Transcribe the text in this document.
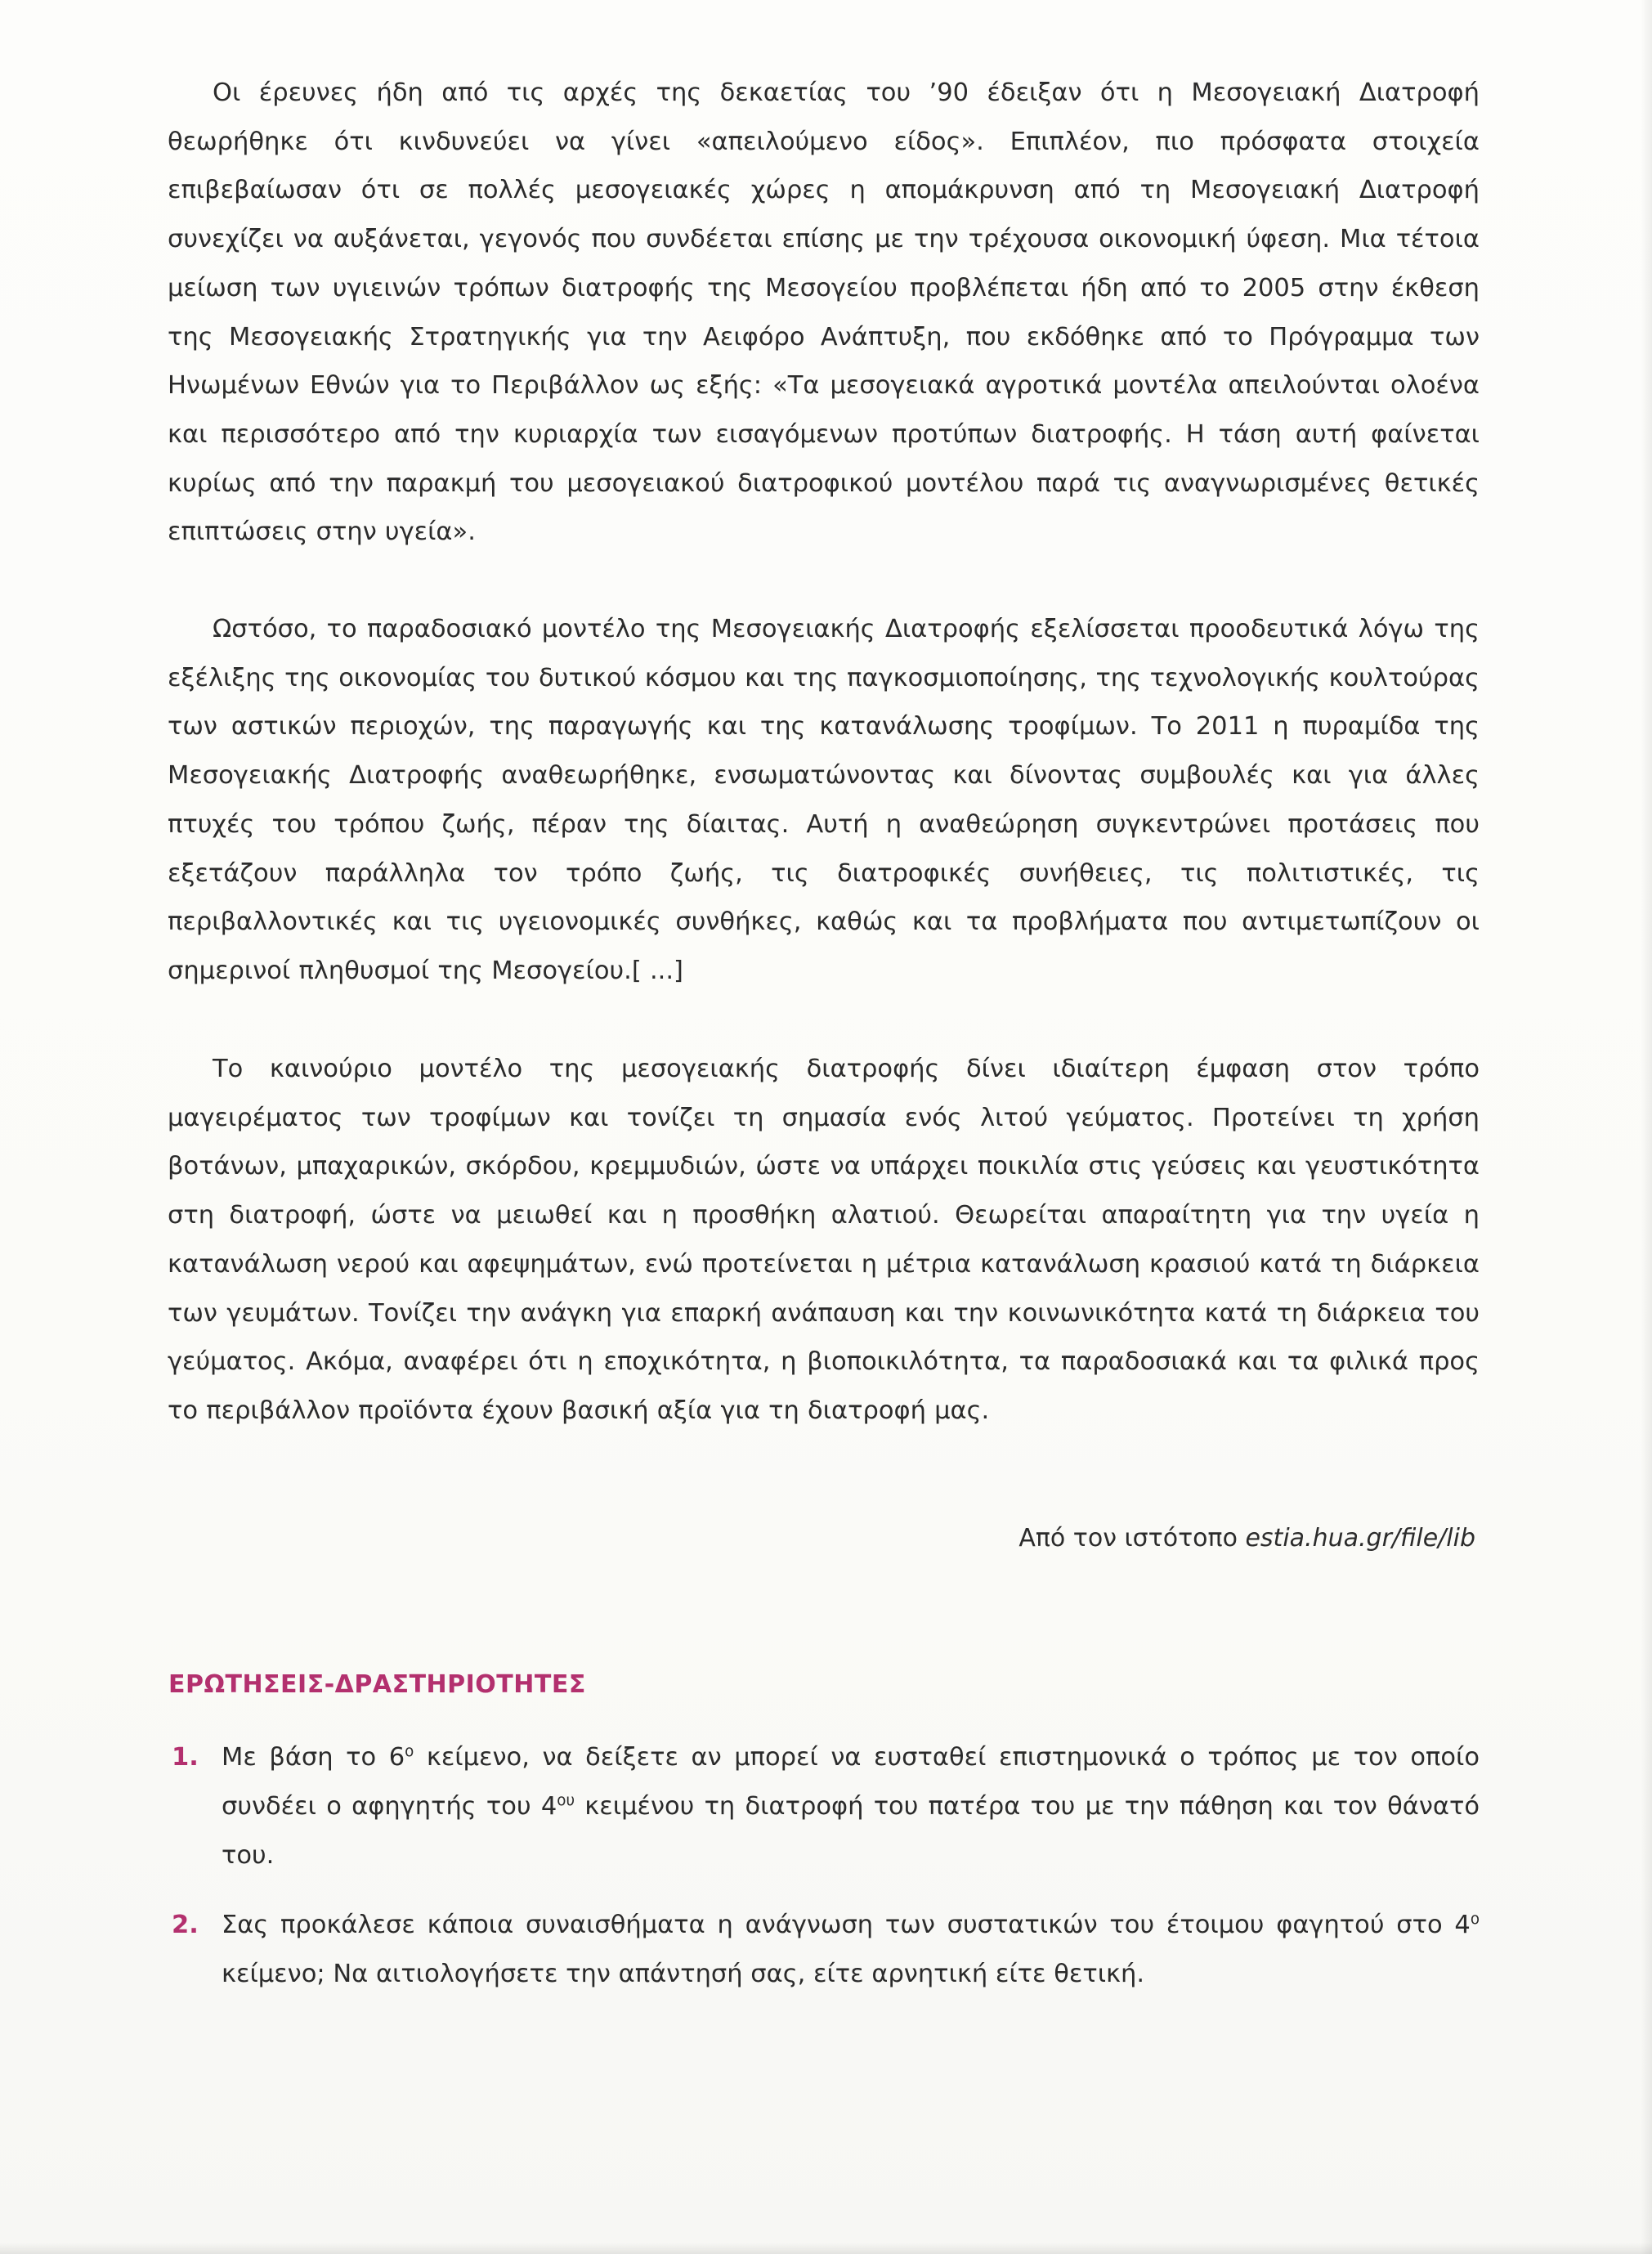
Οι έρευνες ήδη από τις αρχές της δεκαετίας του ’90 έδειξαν ότι η Μεσογειακή Διατροφή θεωρήθηκε ότι κινδυνεύει να γίνει «απειλούμενο είδος». Επιπλέον, πιο πρόσφατα στοιχεία επιβεβαίωσαν ότι σε πολλές μεσογειακές χώρες η απομάκρυνση από τη Μεσογειακή Διατροφή συνεχίζει να αυξάνεται, γεγονός που συνδέεται επίσης με την τρέχουσα οικονομική ύφεση. Μια τέτοια μείωση των υγιεινών τρόπων διατροφής της Μεσογείου προβλέπεται ήδη από το 2005 στην έκθεση της Μεσογειακής Στρατηγικής για την Αειφόρο Ανάπτυξη, που εκδόθηκε από το Πρόγραμμα των Ηνωμένων Εθνών για το Περιβάλλον ως εξής: «Τα μεσογειακά αγροτικά μοντέλα απειλούνται ολοένα και περισσότερο από την κυριαρχία των εισαγόμενων προτύπων διατροφής. Η τάση αυτή φαίνεται κυρίως από την παρακμή του μεσογειακού διατροφικού μοντέλου παρά τις αναγνωρισμένες θετικές επιπτώσεις στην υγεία».

Ωστόσο, το παραδοσιακό μοντέλο της Μεσογειακής Διατροφής εξελίσσεται προοδευτικά λόγω της εξέλιξης της οικονομίας του δυτικού κόσμου και της παγκοσμιοποίησης, της τεχνολογικής κουλτούρας των αστικών περιοχών, της παραγωγής και της κατανάλωσης τροφίμων. Το 2011 η πυραμίδα της Μεσογειακής Διατροφής αναθεωρήθηκε, ενσωματώνοντας και δίνοντας συμβουλές και για άλλες πτυχές του τρόπου ζωής, πέραν της δίαιτας. Αυτή η αναθεώρηση συγκεντρώνει προτάσεις που εξετάζουν παράλληλα τον τρόπο ζωής, τις διατροφικές συνήθειες, τις πολιτιστικές, τις περιβαλλοντικές και τις υγειονομικές συνθήκες, καθώς και τα προβλήματα που αντιμετωπίζουν οι σημερινοί πληθυσμοί της Μεσογείου.[ ...]

Το καινούριο μοντέλο της μεσογειακής διατροφής δίνει ιδιαίτερη έμφαση στον τρόπο μαγειρέματος των τροφίμων και τονίζει τη σημασία ενός λιτού γεύματος. Προτείνει τη χρήση βοτάνων, μπαχαρικών, σκόρδου, κρεμμυδιών, ώστε να υπάρχει ποικιλία στις γεύσεις και γευστικότητα στη διατροφή, ώστε να μειωθεί και η προσθήκη αλατιού. Θεωρείται απαραίτητη για την υγεία η κατανάλωση νερού και αφεψημάτων, ενώ προτείνεται η μέτρια κατανάλωση κρασιού κατά τη διάρκεια των γευμάτων. Τονίζει την ανάγκη για επαρκή ανάπαυση και την κοινωνικότητα κατά τη διάρκεια του γεύματος. Ακόμα, αναφέρει ότι η εποχικότητα, η βιοποικιλότητα, τα παραδοσιακά και τα φιλικά προς το περιβάλλον προϊόντα έχουν βασική αξία για τη διατροφή μας.

Από τον ιστότοπο estia.hua.gr/file/lib
ΕΡΩΤΗΣΕΙΣ-ΔΡΑΣΤΗΡΙΟΤΗΤΕΣ
1. Με βάση το $6^o$ κείμενο, να δείξετε αν μπορεί να ευσταθεί επιστημονικά ο τρόπος με τον οποίο συνδέει ο αφηγητής του $4^{o\upsilon}$ κειμένου τη διατροφή του πατέρα του με την πάθηση και τον θάνατό του.
2. Σας προκάλεσε κάποια συναισθήματα η ανάγνωση των συστατικών του έτοιμου φαγητού στο $4^o$ κείμενο; Να αιτιολογήσετε την απάντησή σας, είτε αρνητική είτε θετική.
